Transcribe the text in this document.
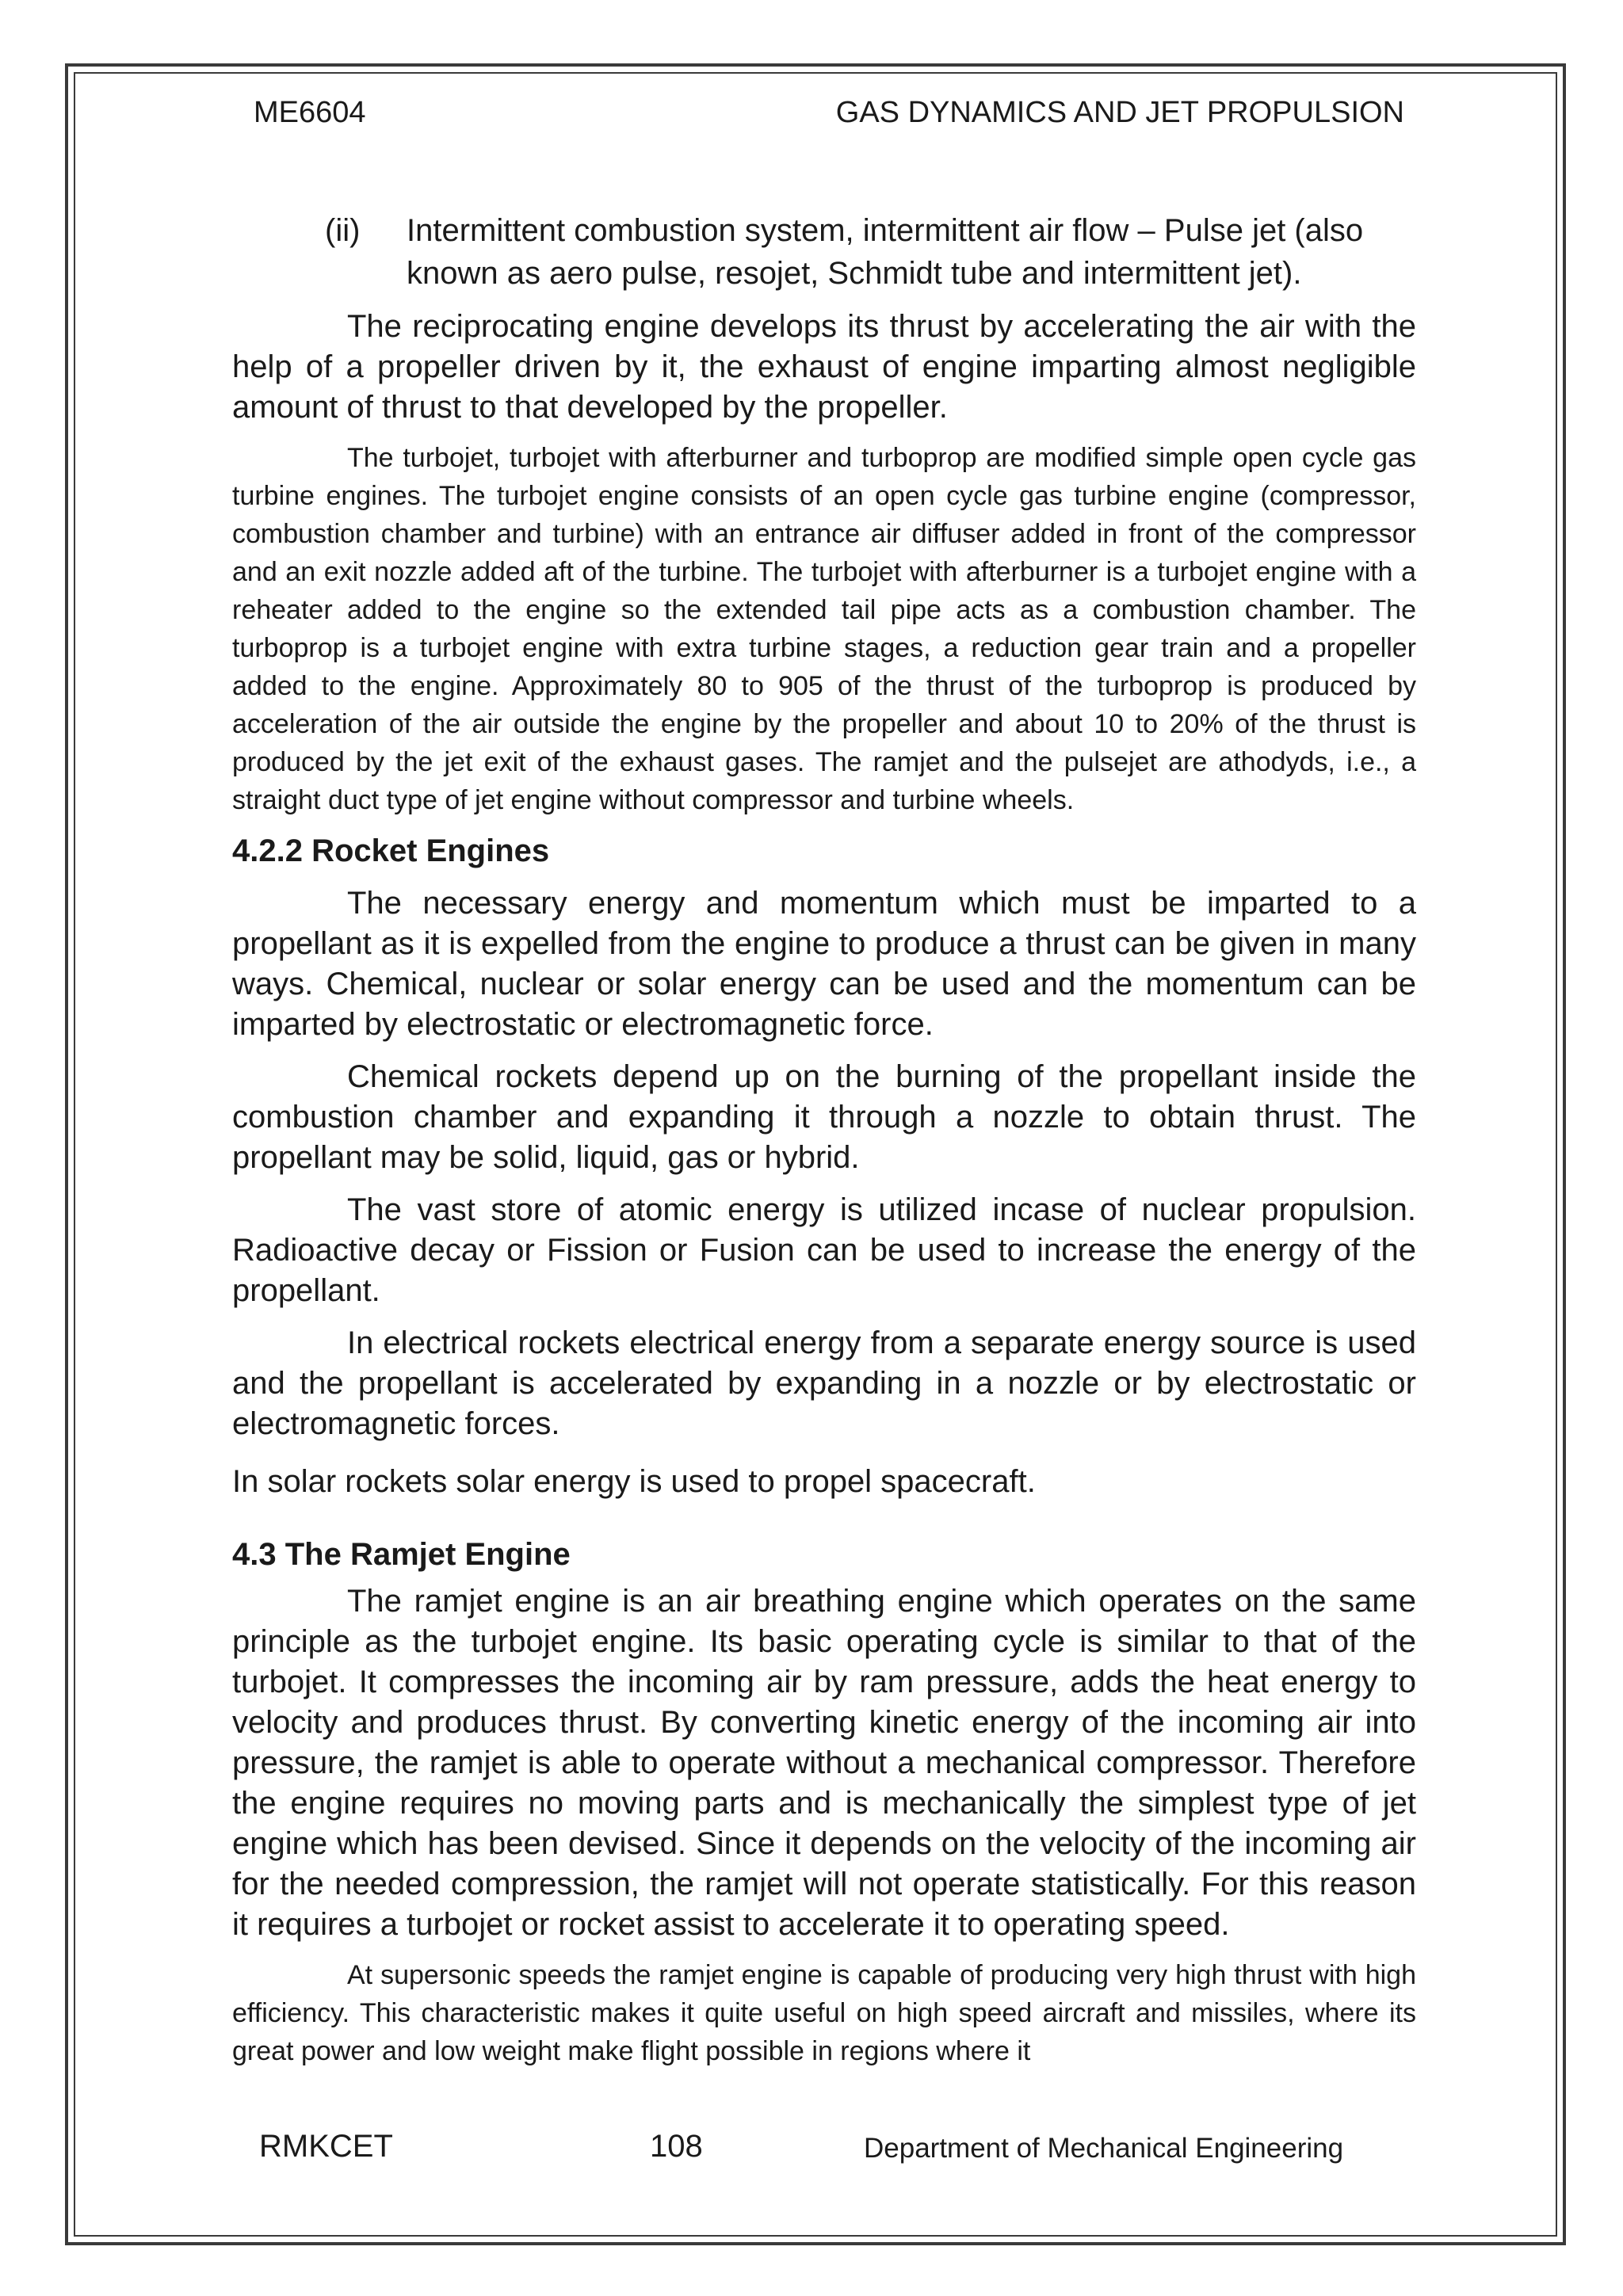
ME6604	GAS DYNAMICS AND JET PROPULSION
(ii) Intermittent combustion system, intermittent air flow – Pulse jet (also known as aero pulse, resojet, Schmidt tube and intermittent jet).

The reciprocating engine develops its thrust by accelerating the air with the help of a propeller driven by it, the exhaust of engine imparting almost negligible amount of thrust to that developed by the propeller.

The turbojet, turbojet with afterburner and turboprop are modified simple open cycle gas turbine engines. The turbojet engine consists of an open cycle gas turbine engine (compressor, combustion chamber and turbine) with an entrance air diffuser added in front of the compressor and an exit nozzle added aft of the turbine. The turbojet with afterburner is a turbojet engine with a reheater added to the engine so the extended tail pipe acts as a combustion chamber. The turboprop is a turbojet engine with extra turbine stages, a reduction gear train and a propeller added to the engine. Approximately 80 to 905 of the thrust of the turboprop is produced by acceleration of the air outside the engine by the propeller and about 10 to 20% of the thrust is produced by the jet exit of the exhaust gases. The ramjet and the pulsejet are athodyds, i.e., a straight duct type of jet engine without compressor and turbine wheels.

4.2.2 Rocket Engines

The necessary energy and momentum which must be imparted to a propellant as it is expelled from the engine to produce a thrust can be given in many ways. Chemical, nuclear or solar energy can be used and the momentum can be imparted by electrostatic or electromagnetic force.

Chemical rockets depend up on the burning of the propellant inside the combustion chamber and expanding it through a nozzle to obtain thrust. The propellant may be solid, liquid, gas or hybrid.

The vast store of atomic energy is utilized incase of nuclear propulsion. Radioactive decay or Fission or Fusion can be used to increase the energy of the propellant.

In electrical rockets electrical energy from a separate energy source is used and the propellant is accelerated by expanding in a nozzle or by electrostatic or electromagnetic forces.

In solar rockets solar energy is used to propel spacecraft.

4.3 The Ramjet Engine

The ramjet engine is an air breathing engine which operates on the same principle as the turbojet engine. Its basic operating cycle is similar to that of the turbojet. It compresses the incoming air by ram pressure, adds the heat energy to velocity and produces thrust. By converting kinetic energy of the incoming air into pressure, the ramjet is able to operate without a mechanical compressor. Therefore the engine requires no moving parts and is mechanically the simplest type of jet engine which has been devised. Since it depends on the velocity of the incoming air for the needed compression, the ramjet will not operate statistically. For this reason it requires a turbojet or rocket assist to accelerate it to operating speed.

At supersonic speeds the ramjet engine is capable of producing very high thrust with high efficiency. This characteristic makes it quite useful on high speed aircraft and missiles, where its great power and low weight make flight possible in regions where it

RMKCET	108	Department of Mechanical Engineering
